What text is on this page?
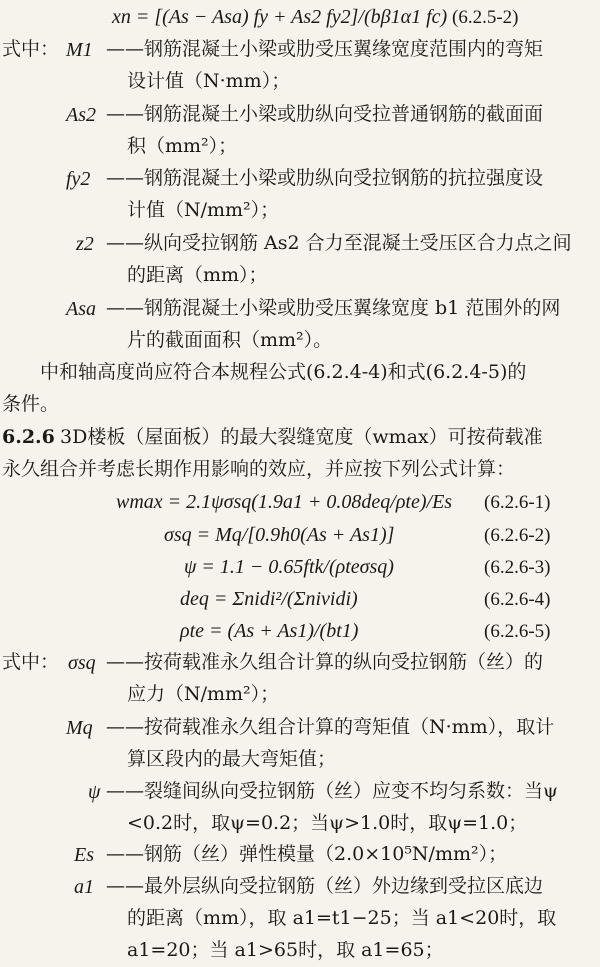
xn = [(As − Asa) fy + As2 fy2]/(bβ1α1 fc) (6.2.5-2)
式中： M1 ——钢筋混凝土小梁或肋受压翼缘宽度范围内的弯矩
设计值（N·mm）；
As2 ——钢筋混凝土小梁或肋纵向受拉普通钢筋的截面面
积（mm²）；
fy2 ——钢筋混凝土小梁或肋纵向受拉钢筋的抗拉强度设
计值（N/mm²）；
z2 ——纵向受拉钢筋 As2 合力至混凝土受压区合力点之间
的距离（mm）；
Asa ——钢筋混凝土小梁或肋受压翼缘宽度 b1 范围外的网
片的截面面积（mm²）。
中和轴高度尚应符合本规程公式(6.2.4-4)和式(6.2.4-5)的
条件。
6.2.6 3D楼板（屋面板）的最大裂缝宽度（wmax）可按荷载准
永久组合并考虑长期作用影响的效应，并应按下列公式计算：
wmax = 2.1ψσsq(1.9a1 + 0.08deq/ρte)/Es (6.2.6-1)
σsq = Mq/[0.9h0(As + As1)]	(6.2.6-2)
ψ = 1.1 − 0.65ftk/(ρteσsq)	(6.2.6-3)
deq = Σnidi²/(Σniνidi)	(6.2.6-4)
ρte = (As + As1)/(bt1)	(6.2.6-5)
式中： σsq ——按荷载准永久组合计算的纵向受拉钢筋（丝）的
应力（N/mm²）；
Mq ——按荷载准永久组合计算的弯矩值（N·mm），取计
算区段内的最大弯矩值；
ψ ——裂缝间纵向受拉钢筋（丝）应变不均匀系数：当ψ
<0.2时，取ψ=0.2；当ψ>1.0时，取ψ=1.0；
Es ——钢筋（丝）弹性模量（2.0×10⁵N/mm²）；
a1 ——最外层纵向受拉钢筋（丝）外边缘到受拉区底边
的距离（mm），取 a1=t1−25；当 a1<20时，取
a1=20；当 a1>65时，取 a1=65；
